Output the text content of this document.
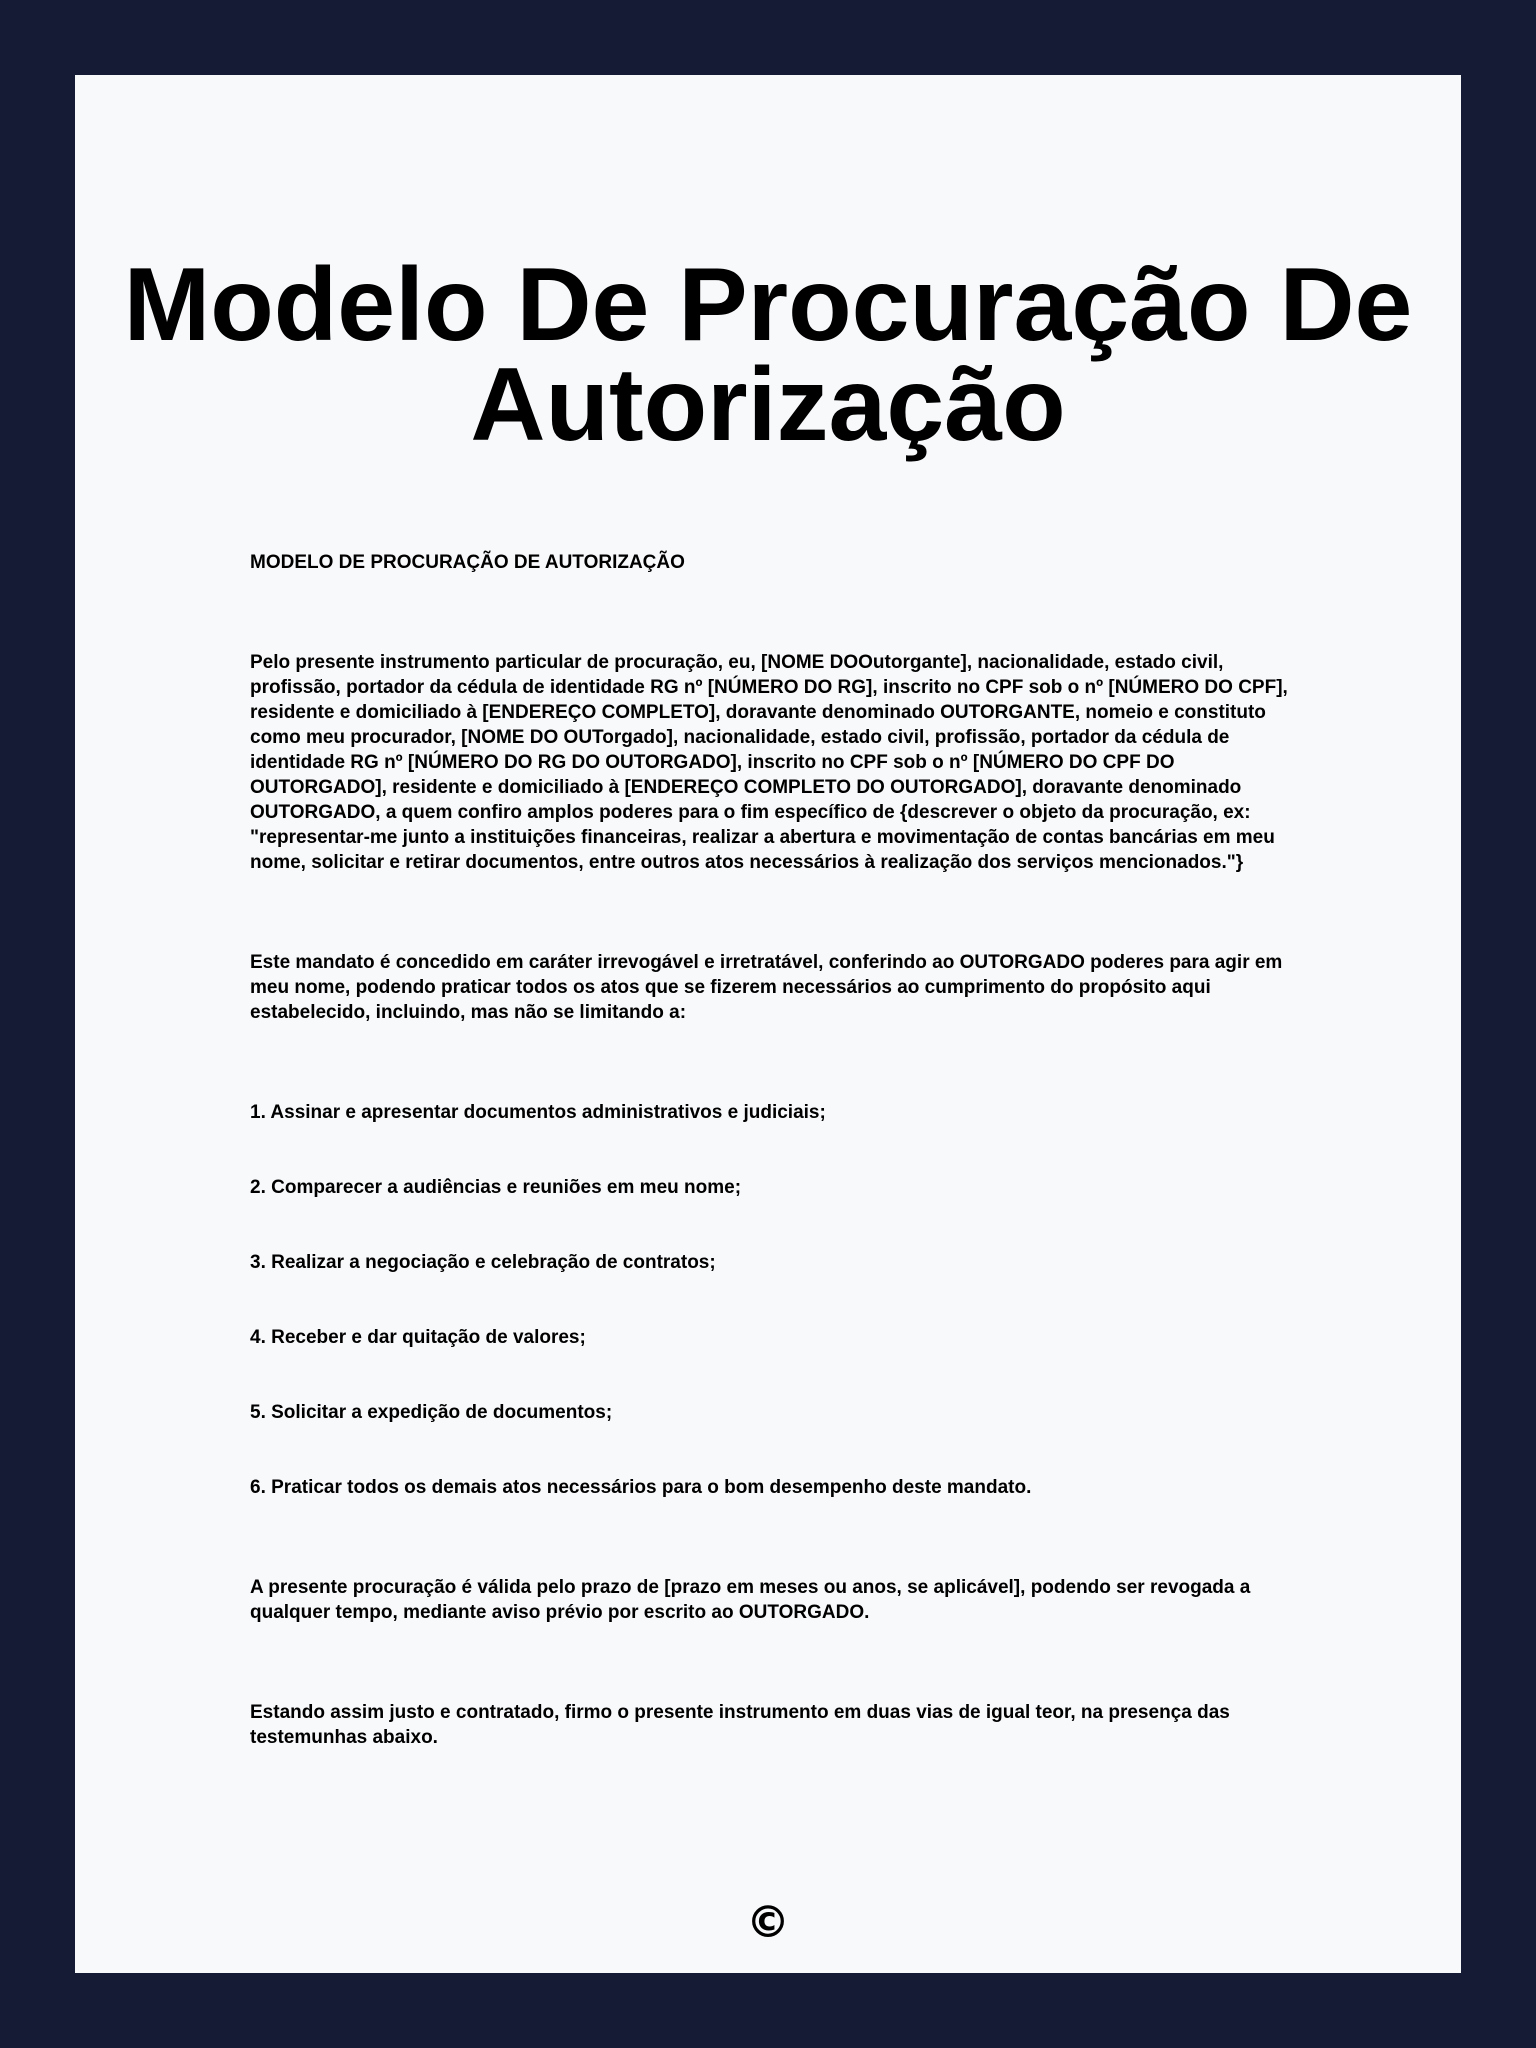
Modelo De Procuração De Autorização

MODELO DE PROCURAÇÃO DE AUTORIZAÇÃO

Pelo presente instrumento particular de procuração, eu, [NOME DOOutorgante], nacionalidade, estado civil, profissão, portador da cédula de identidade RG nº [NÚMERO DO RG], inscrito no CPF sob o nº [NÚMERO DO CPF], residente e domiciliado à [ENDEREÇO COMPLETO], doravante denominado OUTORGANTE, nomeio e constituto como meu procurador, [NOME DO OUTorgado], nacionalidade, estado civil, profissão, portador da cédula de identidade RG nº [NÚMERO DO RG DO OUTORGADO], inscrito no CPF sob o nº [NÚMERO DO CPF DO OUTORGADO], residente e domiciliado à [ENDEREÇO COMPLETO DO OUTORGADO], doravante denominado OUTORGADO, a quem confiro amplos poderes para o fim específico de {descrever o objeto da procuração, ex: "representar-me junto a instituições financeiras, realizar a abertura e movimentação de contas bancárias em meu nome, solicitar e retirar documentos, entre outros atos necessários à realização dos serviços mencionados."}

Este mandato é concedido em caráter irrevogável e irretratável, conferindo ao OUTORGADO poderes para agir em meu nome, podendo praticar todos os atos que se fizerem necessários ao cumprimento do propósito aqui estabelecido, incluindo, mas não se limitando a:

1. Assinar e apresentar documentos administrativos e judiciais;
2. Comparecer a audiências e reuniões em meu nome;
3. Realizar a negociação e celebração de contratos;
4. Receber e dar quitação de valores;
5. Solicitar a expedição de documentos;
6. Praticar todos os demais atos necessários para o bom desempenho deste mandato.

A presente procuração é válida pelo prazo de [prazo em meses ou anos, se aplicável], podendo ser revogada a qualquer tempo, mediante aviso prévio por escrito ao OUTORGADO.

Estando assim justo e contratado, firmo o presente instrumento em duas vias de igual teor, na presença das testemunhas abaixo.

©
